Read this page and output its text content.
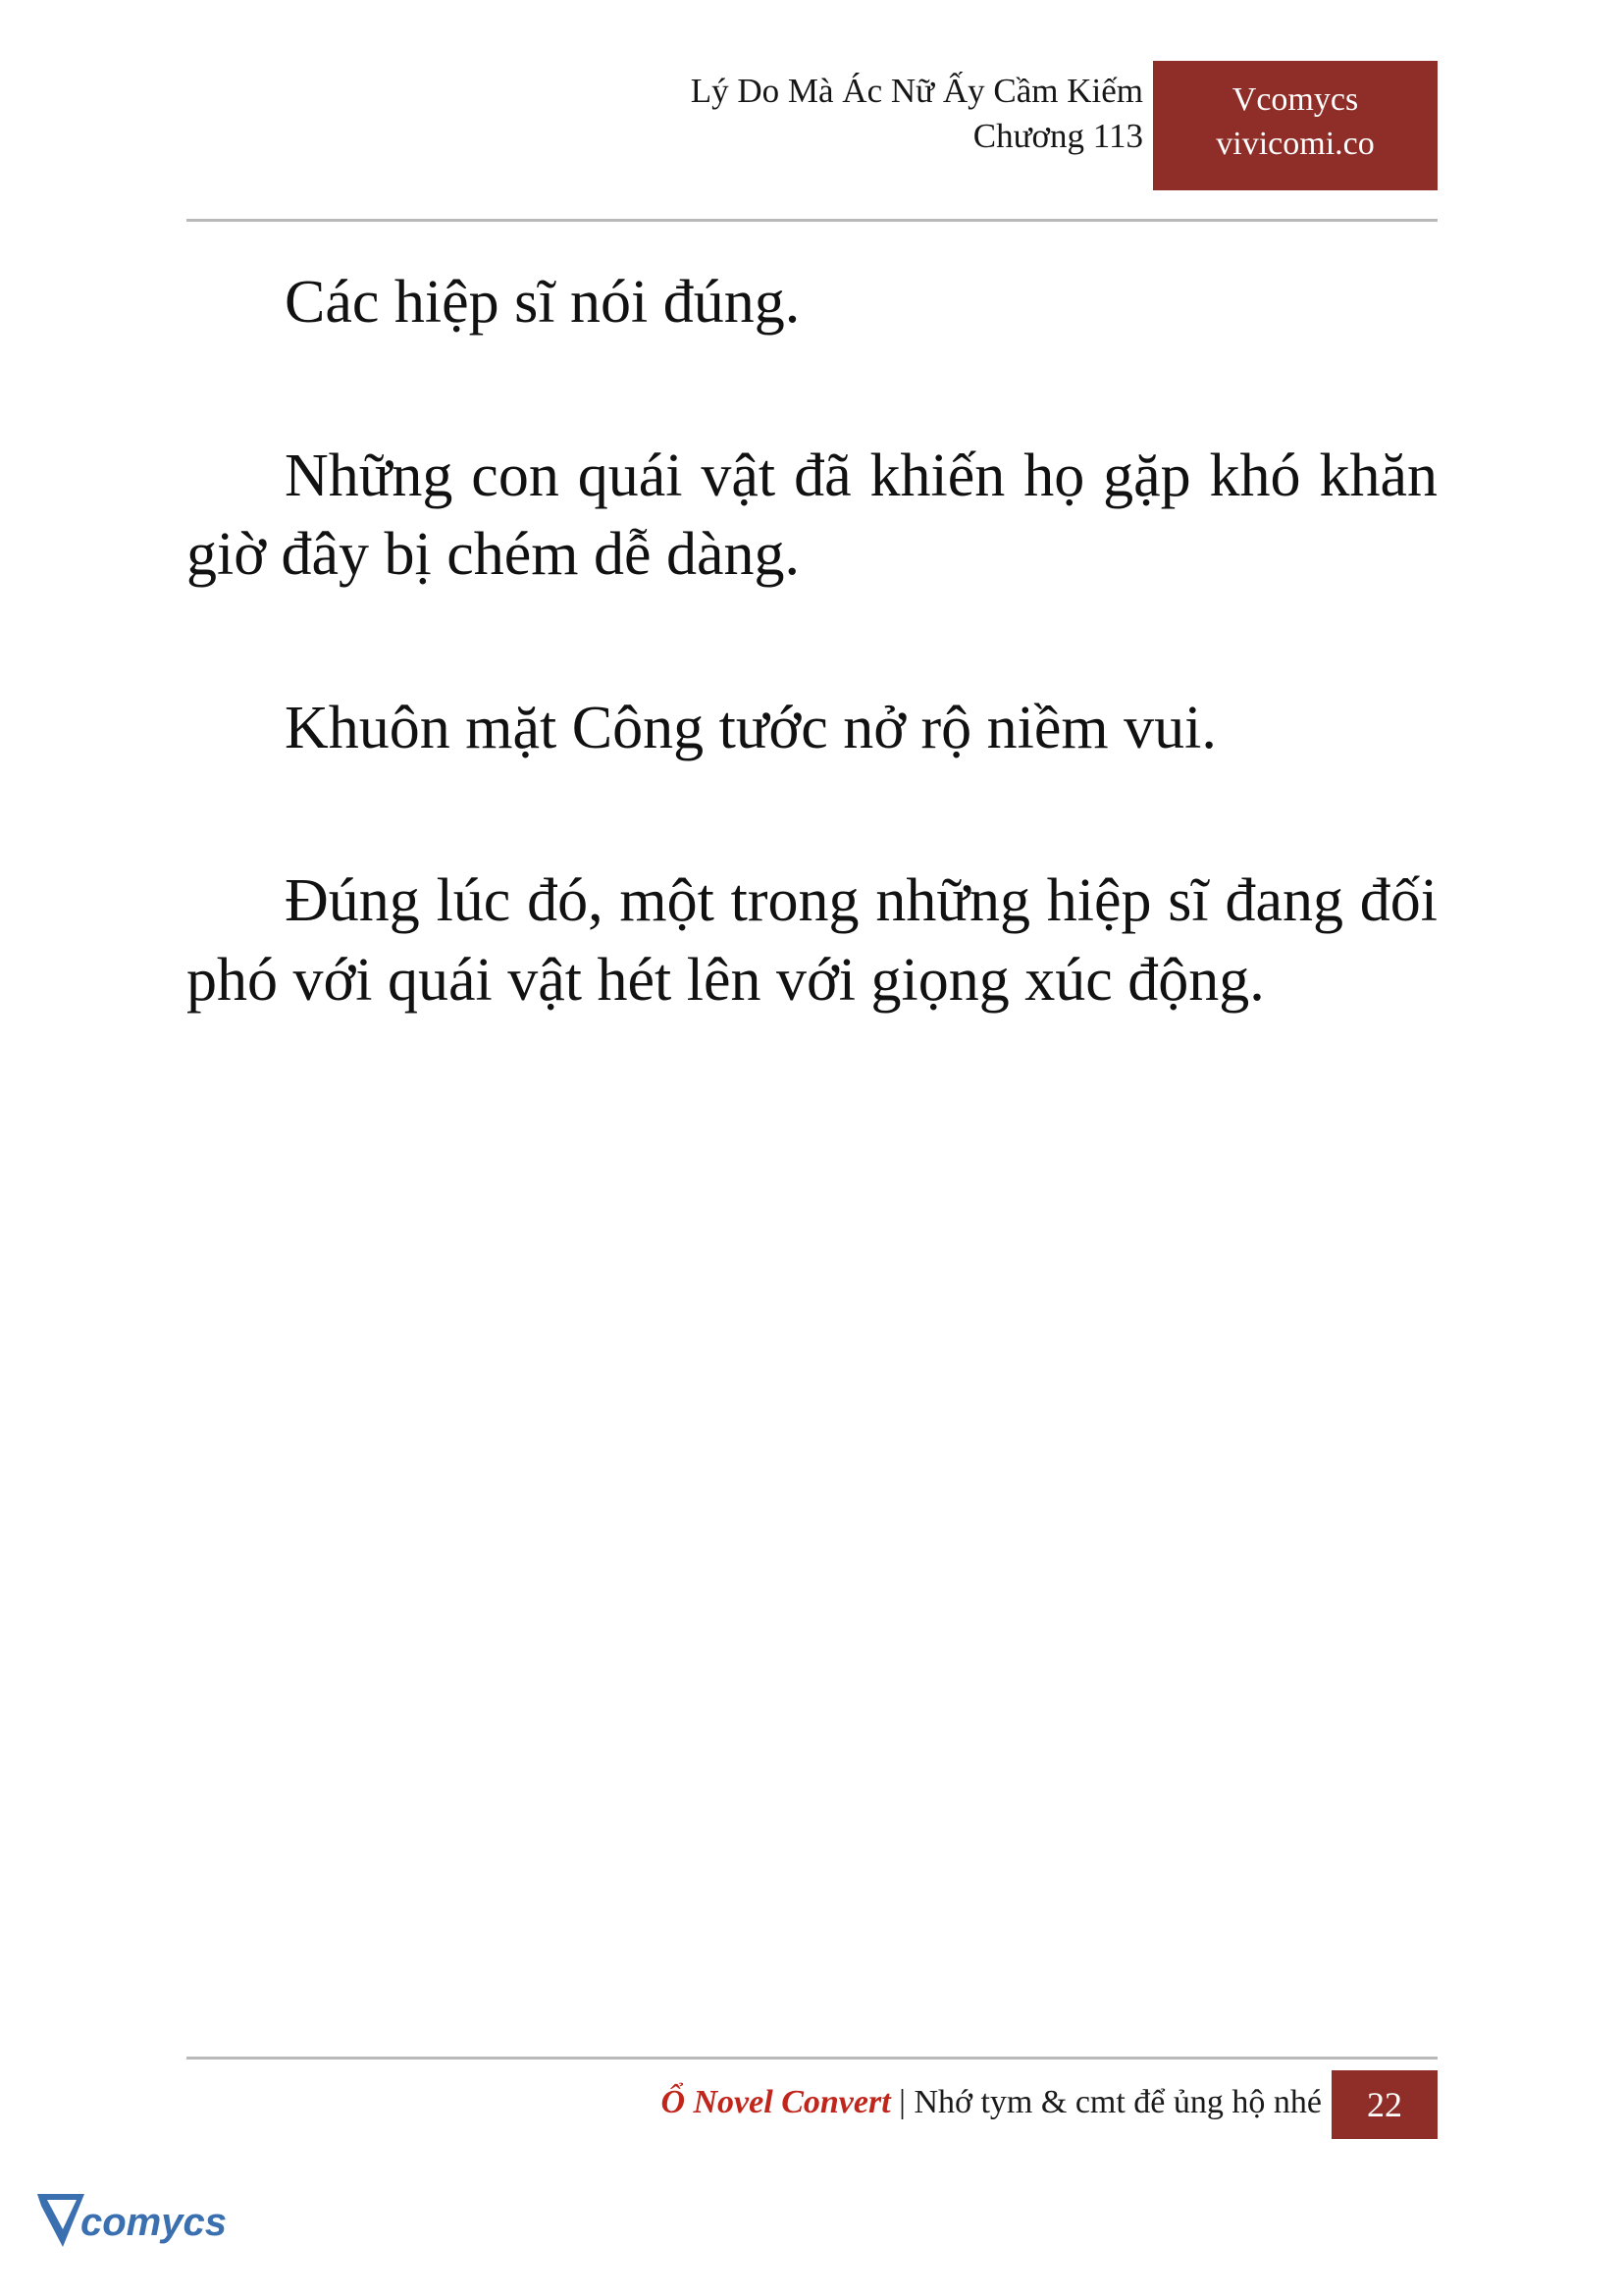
Lý Do Mà Ác Nữ Ấy Cầm Kiếm
Chương 113
Vcomycs
vivicomi.co

Các hiệp sĩ nói đúng.

Những con quái vật đã khiến họ gặp khó khăn giờ đây bị chém dễ dàng.

Khuôn mặt Công tước nở rộ niềm vui.

Đúng lúc đó, một trong những hiệp sĩ đang đối phó với quái vật hét lên với giọng xúc động.

Ổ Novel Convert | Nhớ tym & cmt để ủng hộ nhé	22
comycs
